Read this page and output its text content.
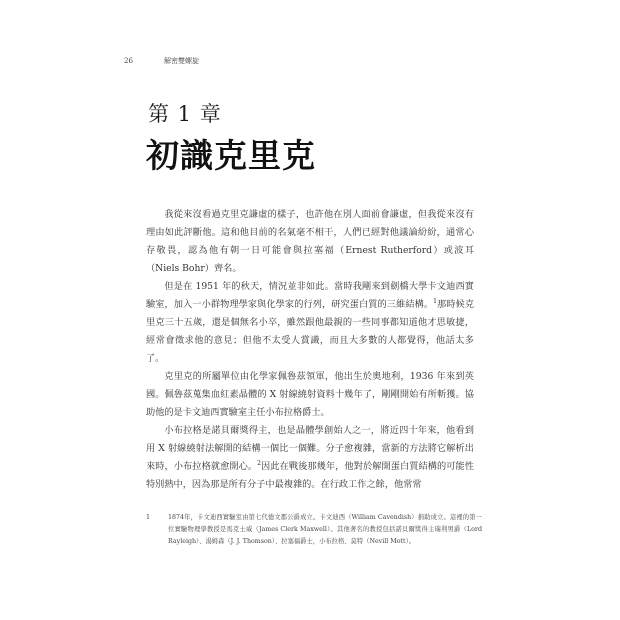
26	解密雙螺旋
第 1 章
初識克里克

我從來沒看過克里克謙虛的樣子，也許他在別人面前會謙虛，但我從來沒有理由如此評斷他。這和他目前的名氣毫不相干，人們已經對他議論紛紛，通常心存敬畏，認為他有朝一日可能會與拉塞福（Ernest Rutherford）或波耳（Niels Bohr）齊名。

但是在 1951 年的秋天，情況並非如此。當時我剛來到劍橋大學卡文迪西實驗室，加入一小群物理學家與化學家的行列，研究蛋白質的三維結構。$^1$那時候克里克三十五歲，還是個無名小卒，雖然跟他最親的一些同事都知道他才思敏捷，經常會徵求他的意見；但他不太受人賞識，而且大多數的人都覺得，他話太多了。

克里克的所屬單位由化學家佩魯茲領軍，他出生於奧地利，1936 年來到英國。佩魯茲蒐集血紅素晶體的 X 射線繞射資料十幾年了，剛剛開始有所斬獲。協助他的是卡文迪西實驗室主任小布拉格爵士。

小布拉格是諾貝爾獎得主，也是晶體學創始人之一，將近四十年來，他看到用 X 射線繞射法解開的結構一個比一個難。分子愈複雜，當新的方法將它解析出來時，小布拉格就愈開心。$^2$因此在戰後那幾年，他對於解開蛋白質結構的可能性特別熱中，因為那是所有分子中最複雜的。在行政工作之餘，他常常

1	1874年，卡文迪西實驗室由第七代德文郡公爵成立。卡文迪西（William Cavendish）捐助成立。這裡的第一位實驗物理學教授是馬克士威（James Clerk Maxwell）。其他著名的教授包括諾貝爾獎得主瑞利男爵（Lord Rayleigh）、湯姆森（J. J. Thomson）、拉塞福爵士，小布拉格、莫特（Nevill Mott）。
